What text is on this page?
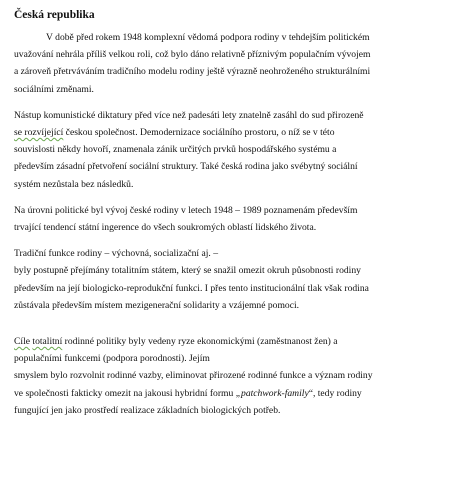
Česká republika
V době před rokem 1948 komplexní vědomá podpora rodiny v tehdejším politickém
uvažování nehrála příliš velkou roli, což bylo dáno relativně příznivým populačním vývojem
a zároveň přetrváváním tradičního modelu rodiny ještě výrazně neohroženého strukturálními
sociálními změnami.
Nástup komunistické diktatury před více než padesáti lety znatelně zasáhl do sud přirozeně
se rozvíjející českou společnost. Demodernizace sociálního prostoru, o níž se v této
souvislosti někdy hovoří, znamenala zánik určitých prvků hospodářského systému a
především zásadní přetvoření sociální struktury. Také česká rodina jako svébytný sociální
systém nezůstala bez následků.
Na úrovni politické byl vývoj české rodiny v letech 1948 – 1989 poznamenám především
trvající tendencí státní ingerence do všech soukromých oblastí lidského života.
Tradiční funkce rodiny – výchovná, socializační aj. –
byly postupně přejímány totalitním státem, který se snažil omezit okruh působnosti rodiny
především na její biologicko-reprodukční funkci. I přes tento institucionální tlak však rodina
zůstávala především místem mezigenerační solidarity a vzájemné pomoci.
Cíle totalitní rodinné politiky byly vedeny ryze ekonomickými (zaměstnanost žen) a
populačními funkcemi (podpora porodnosti). Jejím
smyslem bylo rozvolnit rodinné vazby, eliminovat přirozené rodinné funkce a význam rodiny
ve společnosti fakticky omezit na jakousi hybridní formu „patchwork-family“, tedy rodiny
fungující jen jako prostředí realizace základních biologických potřeb.
